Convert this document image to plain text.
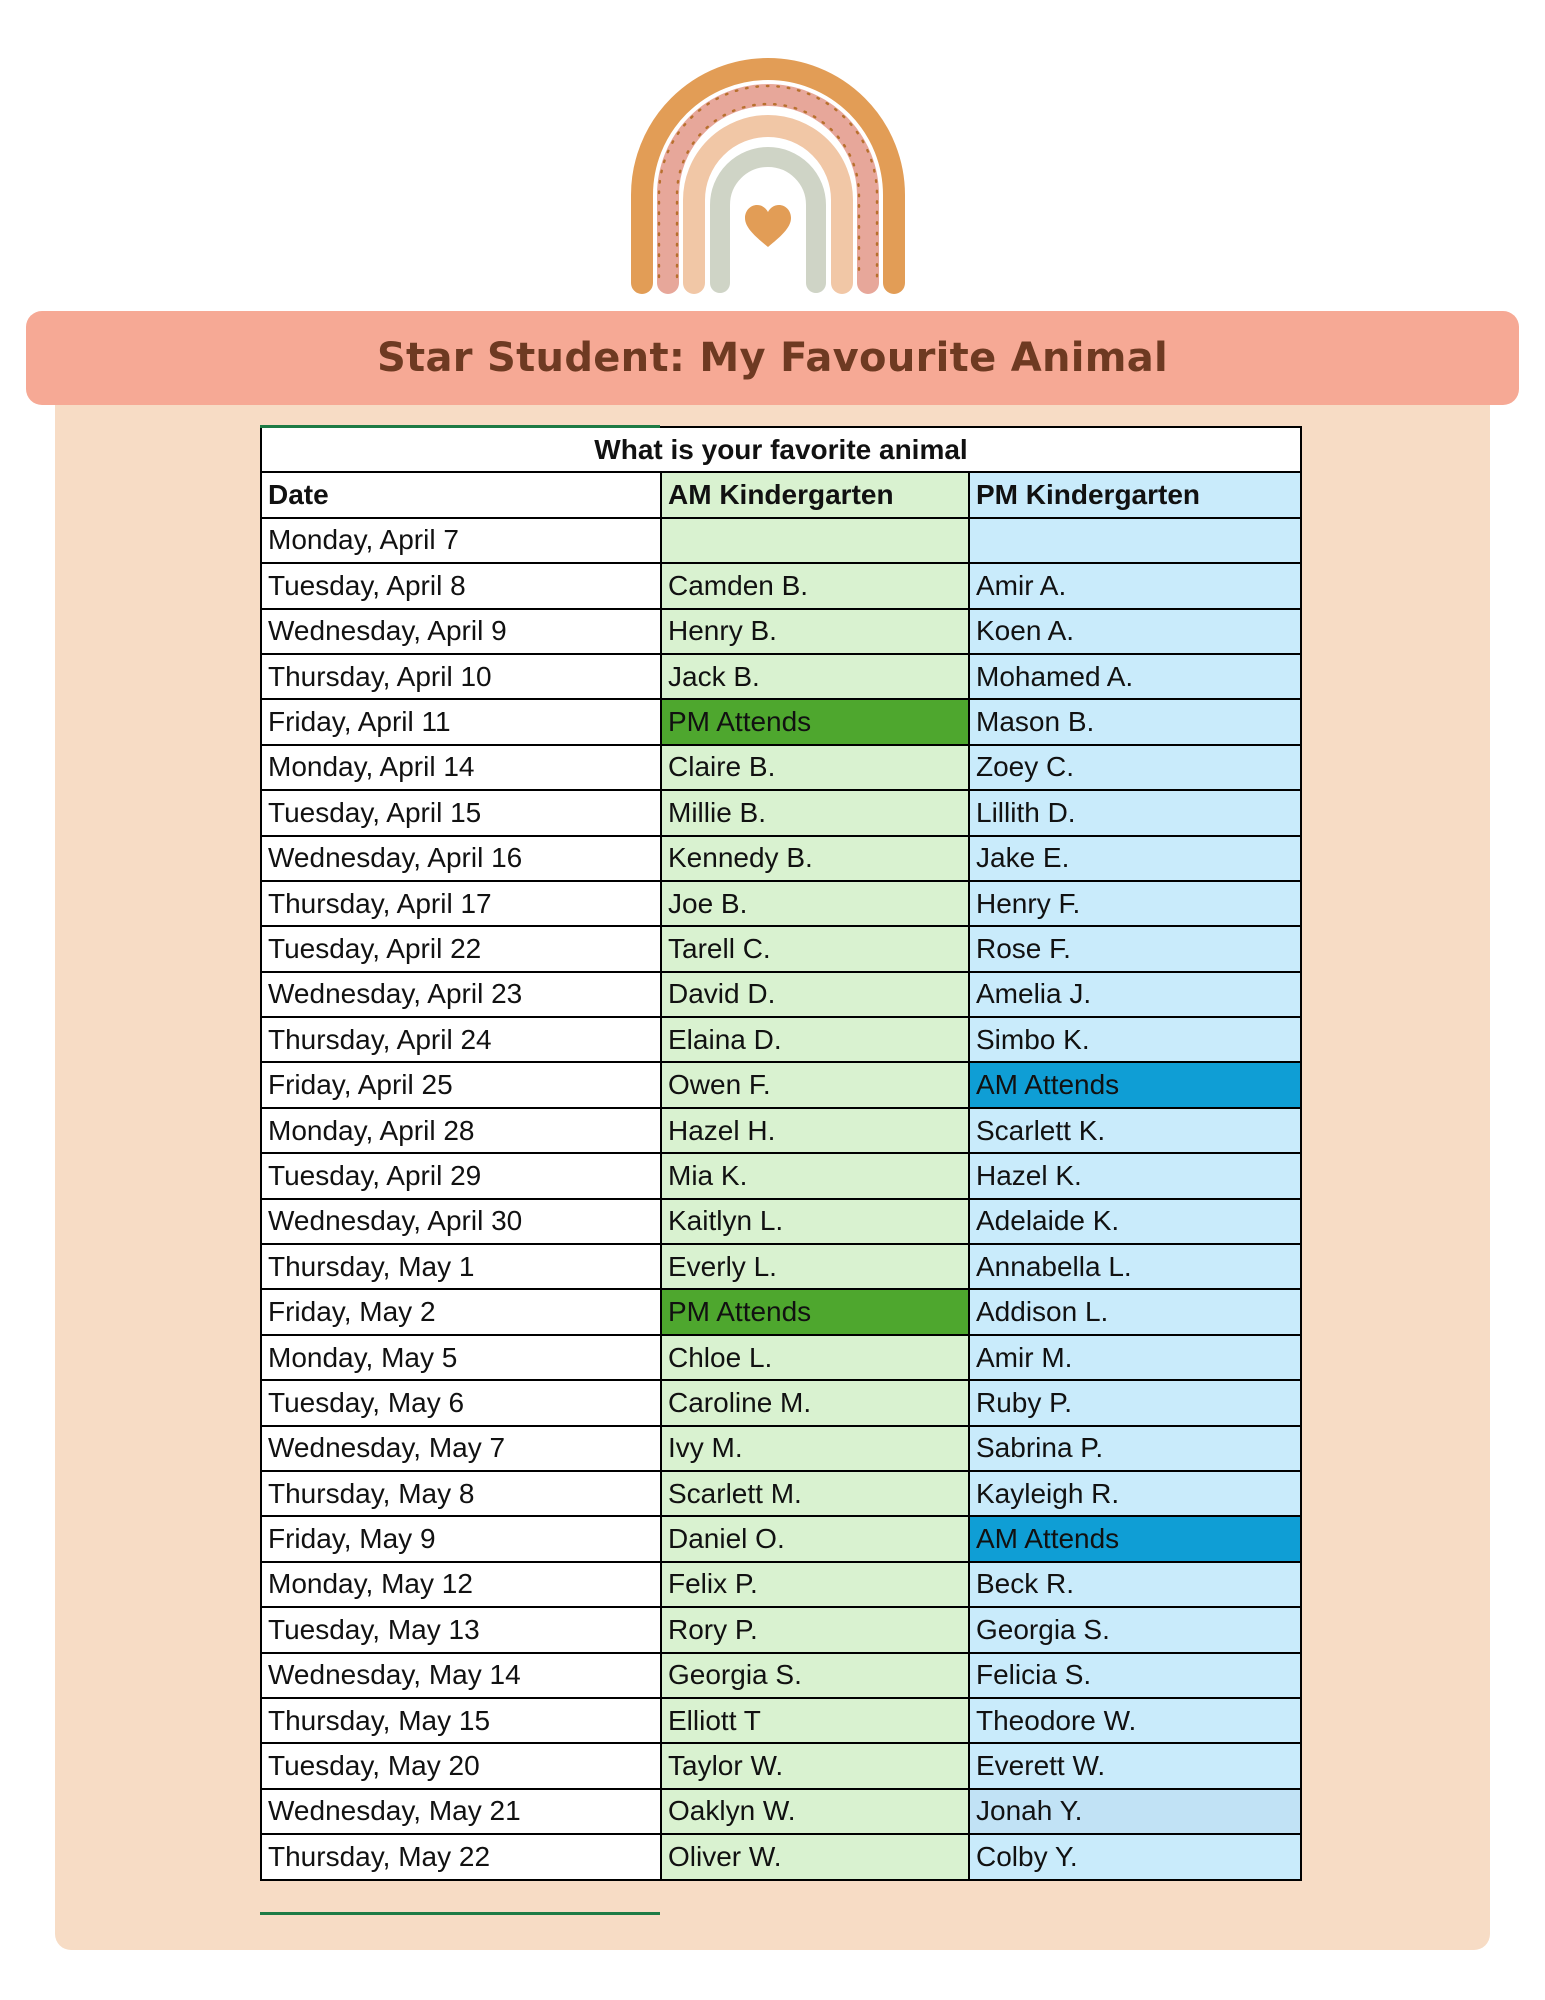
Star Student: My Favourite Animal
What is your favorite animal		
Date	AM Kindergarten	PM Kindergarten
Monday, April 7		
Tuesday, April 8	Camden B.	Amir A.
Wednesday, April 9	Henry B.	Koen A.
Thursday, April 10	Jack B.	Mohamed A.
Friday, April 11	PM Attends	Mason B.
Monday, April 14	Claire B.	Zoey C.
Tuesday, April 15	Millie B.	Lillith D.
Wednesday, April 16	Kennedy B.	Jake E.
Thursday, April 17	Joe B.	Henry F.
Tuesday, April 22	Tarell C.	Rose F.
Wednesday, April 23	David D.	Amelia J.
Thursday, April 24	Elaina D.	Simbo K.
Friday, April 25	Owen F.	AM Attends
Monday, April 28	Hazel H.	Scarlett K.
Tuesday, April 29	Mia K.	Hazel K.
Wednesday, April 30	Kaitlyn L.	Adelaide K.
Thursday, May 1	Everly L.	Annabella L.
Friday, May 2	PM Attends	Addison L.
Monday, May 5	Chloe L.	Amir M.
Tuesday, May 6	Caroline M.	Ruby P.
Wednesday, May 7	Ivy M.	Sabrina P.
Thursday, May 8	Scarlett M.	Kayleigh R.
Friday, May 9	Daniel O.	AM Attends
Monday, May 12	Felix P.	Beck R.
Tuesday, May 13	Rory P.	Georgia S.
Wednesday, May 14	Georgia S.	Felicia S.
Thursday, May 15	Elliott T	Theodore W.
Tuesday, May 20	Taylor W.	Everett W.
Wednesday, May 21	Oaklyn W.	Jonah Y.
Thursday, May 22	Oliver W.	Colby Y.
